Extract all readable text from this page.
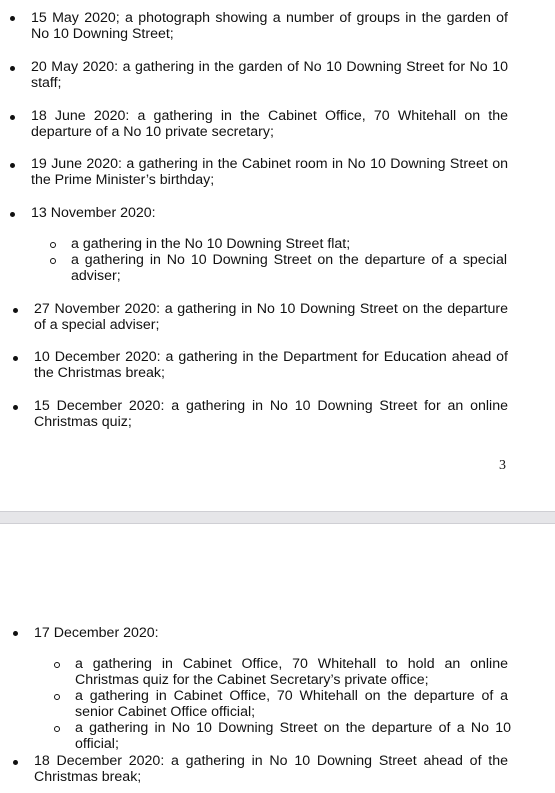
15 May 2020; a photograph showing a number of groups in the garden of No 10 Downing Street;
20 May 2020: a gathering in the garden of No 10 Downing Street for No 10 staff;
18 June 2020: a gathering in the Cabinet Office, 70 Whitehall on the departure of a No 10 private secretary;
19 June 2020: a gathering in the Cabinet room in No 10 Downing Street on the Prime Minister’s birthday;
13 November 2020:
a gathering in the No 10 Downing Street flat;
a gathering in No 10 Downing Street on the departure of a special adviser;
27 November 2020: a gathering in No 10 Downing Street on the departure of a special adviser;
10 December 2020: a gathering in the Department for Education ahead of the Christmas break;
15 December 2020: a gathering in No 10 Downing Street for an online Christmas quiz;
3
17 December 2020:
a gathering in Cabinet Office, 70 Whitehall to hold an online Christmas quiz for the Cabinet Secretary’s private office;
a gathering in Cabinet Office, 70 Whitehall on the departure of a senior Cabinet Office official;
a gathering in No 10 Downing Street on the departure of a No 10 official;
18 December 2020: a gathering in No 10 Downing Street ahead of the Christmas break;
